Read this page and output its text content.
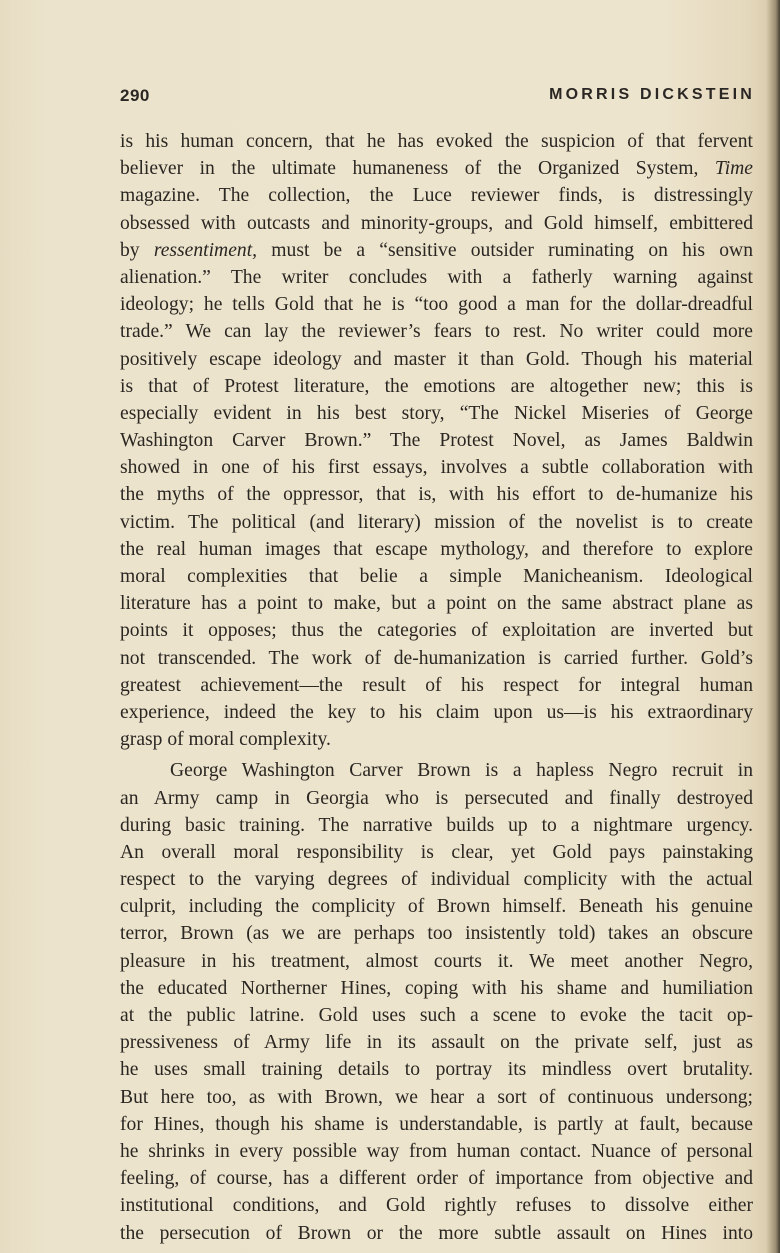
290	MORRIS DICKSTEIN

is his human concern, that he has evoked the suspicion of that fervent
believer in the ultimate humaneness of the Organized System, Time
magazine. The collection, the Luce reviewer finds, is distressingly
obsessed with outcasts and minority-groups, and Gold himself, embittered
by ressentiment, must be a “sensitive outsider ruminating on his own
alienation.” The writer concludes with a fatherly warning against
ideology; he tells Gold that he is “too good a man for the dollar-dreadful
trade.” We can lay the reviewer’s fears to rest. No writer could more
positively escape ideology and master it than Gold. Though his material
is that of Protest literature, the emotions are altogether new; this is
especially evident in his best story, “The Nickel Miseries of George
Washington Carver Brown.” The Protest Novel, as James Baldwin
showed in one of his first essays, involves a subtle collaboration with
the myths of the oppressor, that is, with his effort to de-humanize his
victim. The political (and literary) mission of the novelist is to create
the real human images that escape mythology, and therefore to explore
moral complexities that belie a simple Manicheanism. Ideological
literature has a point to make, but a point on the same abstract plane as
points it opposes; thus the categories of exploitation are inverted but
not transcended. The work of de-humanization is carried further. Gold’s
greatest achievement—the result of his respect for integral human
experience, indeed the key to his claim upon us—is his extraordinary
grasp of moral complexity.

George Washington Carver Brown is a hapless Negro recruit in
an Army camp in Georgia who is persecuted and finally destroyed
during basic training. The narrative builds up to a nightmare urgency.
An overall moral responsibility is clear, yet Gold pays painstaking
respect to the varying degrees of individual complicity with the actual
culprit, including the complicity of Brown himself. Beneath his genuine
terror, Brown (as we are perhaps too insistently told) takes an obscure
pleasure in his treatment, almost courts it. We meet another Negro,
the educated Northerner Hines, coping with his shame and humiliation
at the public latrine. Gold uses such a scene to evoke the tacit op-
pressiveness of Army life in its assault on the private self, just as
he uses small training details to portray its mindless overt brutality.
But here too, as with Brown, we hear a sort of continuous undersong;
for Hines, though his shame is understandable, is partly at fault, because
he shrinks in every possible way from human contact. Nuance of personal
feeling, of course, has a different order of importance from objective and
institutional conditions, and Gold rightly refuses to dissolve either
the persecution of Brown or the more subtle assault on Hines into
